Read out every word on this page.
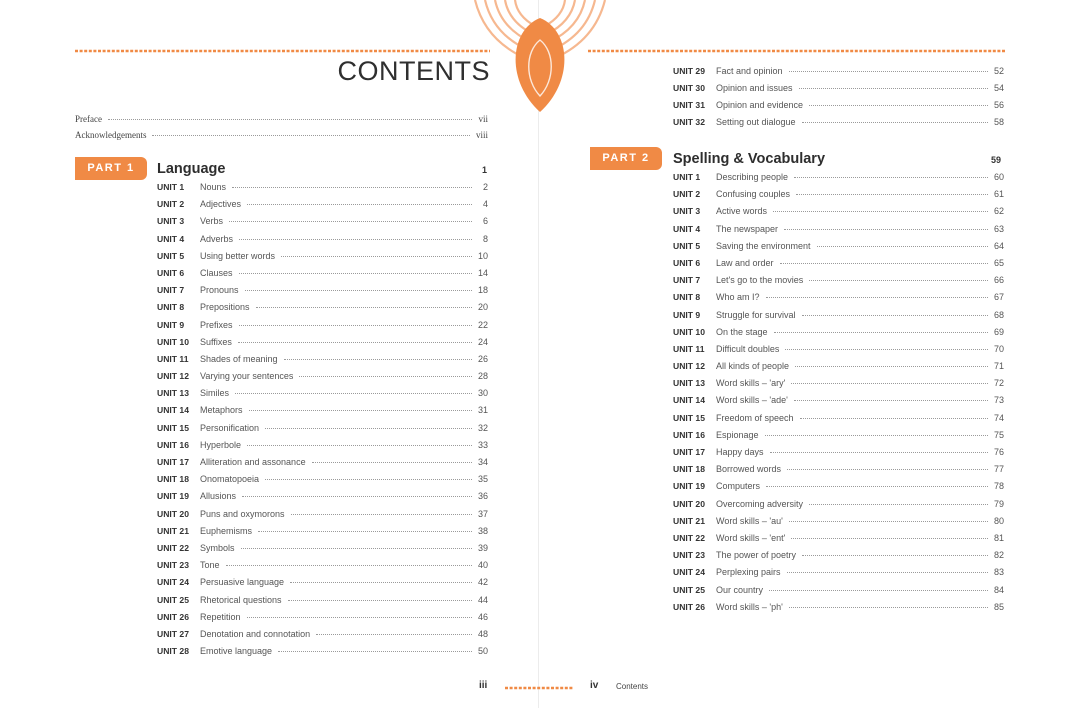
CONTENTS
Preface	vii
Acknowledgements	viii
PART 1	Language	1
UNIT 1	Nouns	2
UNIT 2	Adjectives	4
UNIT 3	Verbs	6
UNIT 4	Adverbs	8
UNIT 5	Using better words	10
UNIT 6	Clauses	14
UNIT 7	Pronouns	18
UNIT 8	Prepositions	20
UNIT 9	Prefixes	22
UNIT 10	Suffixes	24
UNIT 11	Shades of meaning	26
UNIT 12	Varying your sentences	28
UNIT 13	Similes	30
UNIT 14	Metaphors	31
UNIT 15	Personification	32
UNIT 16	Hyperbole	33
UNIT 17	Alliteration and assonance	34
UNIT 18	Onomatopoeia	35
UNIT 19	Allusions	36
UNIT 20	Puns and oxymorons	37
UNIT 21	Euphemisms	38
UNIT 22	Symbols	39
UNIT 23	Tone	40
UNIT 24	Persuasive language	42
UNIT 25	Rhetorical questions	44
UNIT 26	Repetition	46
UNIT 27	Denotation and connotation	48
UNIT 28	Emotive language	50
UNIT 29	Fact and opinion	52
UNIT 30	Opinion and issues	54
UNIT 31	Opinion and evidence	56
UNIT 32	Setting out dialogue	58
PART 2	Spelling & Vocabulary	59
UNIT 1	Describing people	60
UNIT 2	Confusing couples	61
UNIT 3	Active words	62
UNIT 4	The newspaper	63
UNIT 5	Saving the environment	64
UNIT 6	Law and order	65
UNIT 7	Let's go to the movies	66
UNIT 8	Who am I?	67
UNIT 9	Struggle for survival	68
UNIT 10	On the stage	69
UNIT 11	Difficult doubles	70
UNIT 12	All kinds of people	71
UNIT 13	Word skills – 'ary'	72
UNIT 14	Word skills – 'ade'	73
UNIT 15	Freedom of speech	74
UNIT 16	Espionage	75
UNIT 17	Happy days	76
UNIT 18	Borrowed words	77
UNIT 19	Computers	78
UNIT 20	Overcoming adversity	79
UNIT 21	Word skills – 'au'	80
UNIT 22	Word skills – 'ent'	81
UNIT 23	The power of poetry	82
UNIT 24	Perplexing pairs	83
UNIT 25	Our country	84
UNIT 26	Word skills – 'ph'	85
iii	iv Contents
